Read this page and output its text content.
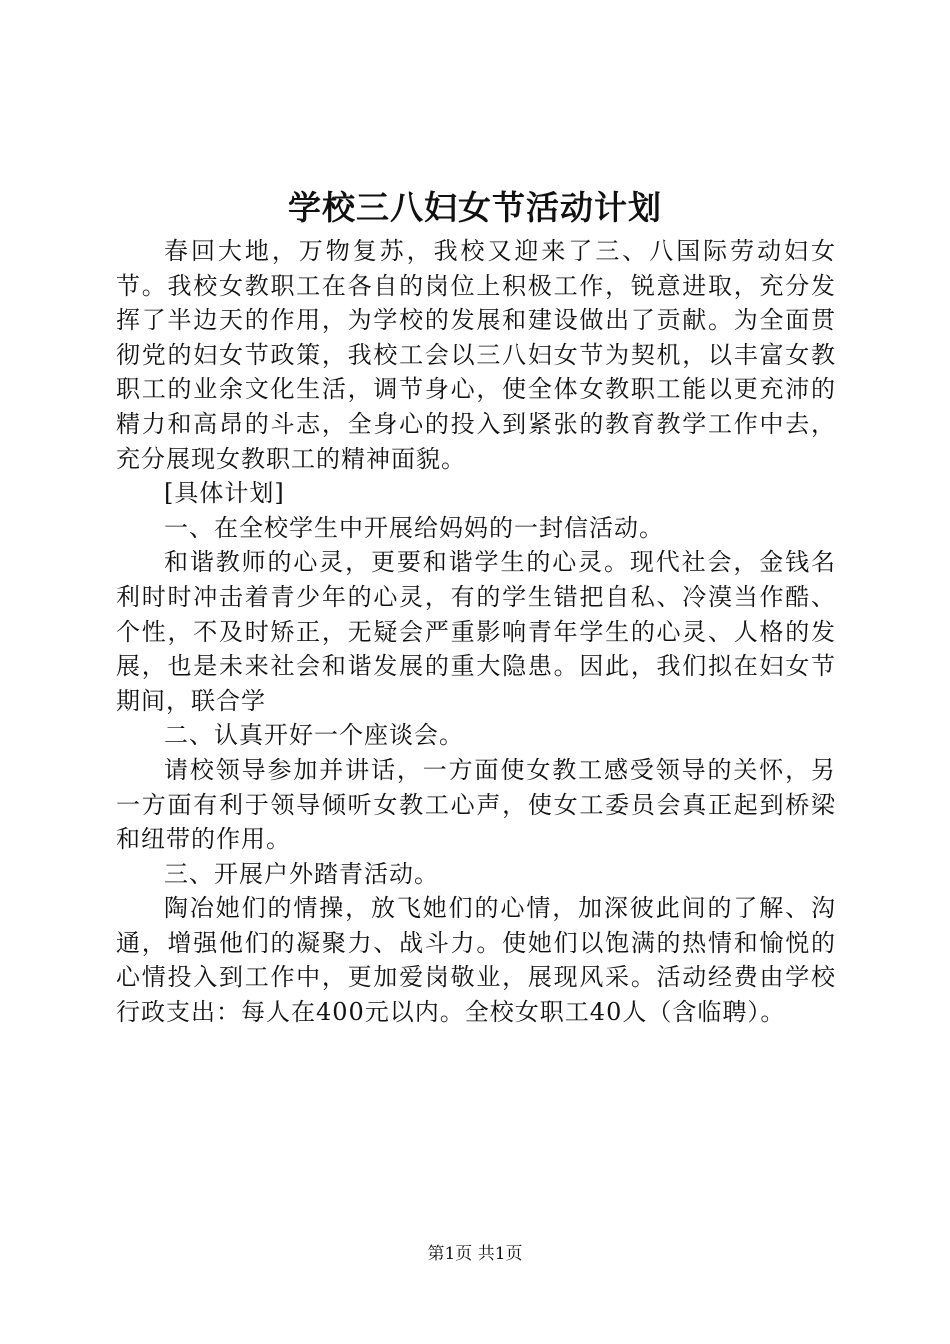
学校三八妇女节活动计划

春回大地，万物复苏，我校又迎来了三、八国际劳动妇女节。我校女教职工在各自的岗位上积极工作，锐意进取，充分发挥了半边天的作用，为学校的发展和建设做出了贡献。为全面贯彻党的妇女节政策，我校工会以三八妇女节为契机，以丰富女教职工的业余文化生活，调节身心，使全体女教职工能以更充沛的精力和高昂的斗志，全身心的投入到紧张的教育教学工作中去，充分展现女教职工的精神面貌。

[具体计划]

一、在全校学生中开展给妈妈的一封信活动。

和谐教师的心灵，更要和谐学生的心灵。现代社会，金钱名利时时冲击着青少年的心灵，有的学生错把自私、冷漠当作酷、个性，不及时矫正，无疑会严重影响青年学生的心灵、人格的发展，也是未来社会和谐发展的重大隐患。因此，我们拟在妇女节期间，联合学

二、认真开好一个座谈会。

请校领导参加并讲话，一方面使女教工感受领导的关怀，另一方面有利于领导倾听女教工心声，使女工委员会真正起到桥梁和纽带的作用。

三、开展户外踏青活动。

陶冶她们的情操，放飞她们的心情，加深彼此间的了解、沟通，增强他们的凝聚力、战斗力。使她们以饱满的热情和愉悦的心情投入到工作中，更加爱岗敬业，展现风采。活动经费由学校行政支出：每人在400元以内。全校女职工40人（含临聘）。

第1页 共1页
